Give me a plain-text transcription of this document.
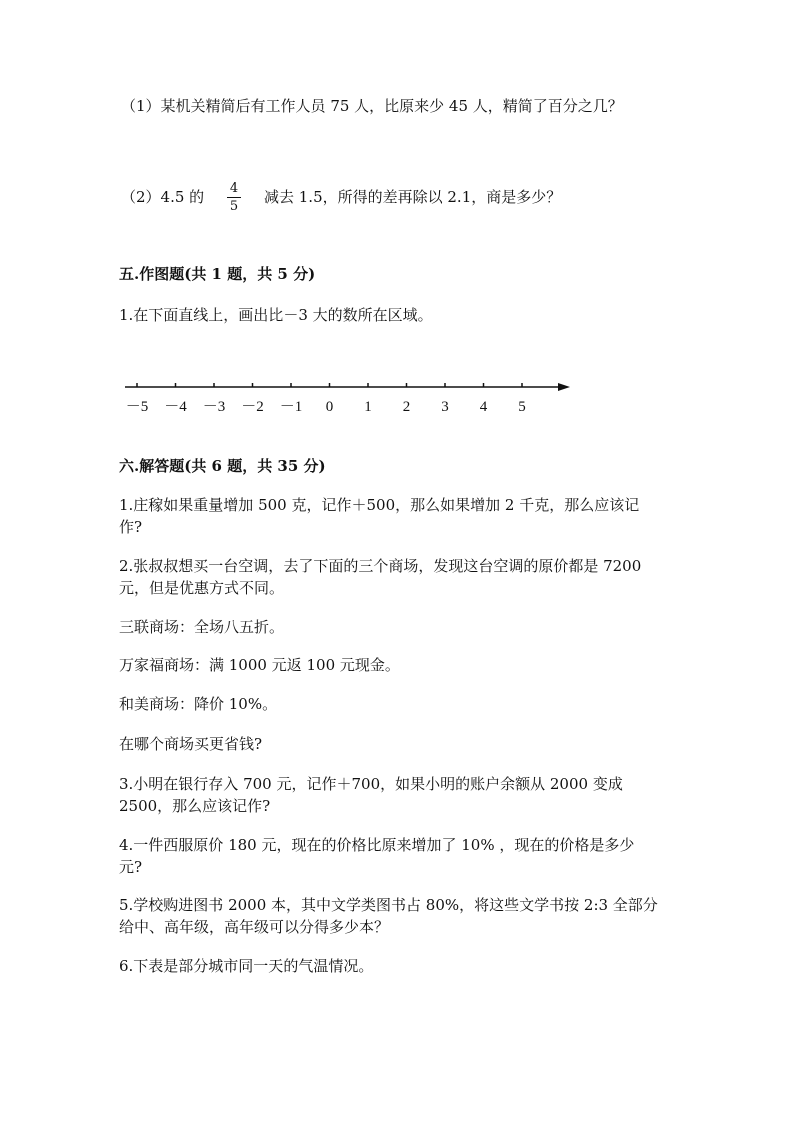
（1）某机关精简后有工作人员 75 人，比原来少 45 人，精简了百分之几？
（2）4.5 的 4
5
减去 1.5，所得的差再除以 2.1，商是多少？
五.作图题(共 1 题，共 5 分)
1.在下面直线上，画出比－3 大的数所在区域。
－5 －4 －3 －2 －1 0 1 2 3 4 5
六.解答题(共 6 题，共 35 分)
1.庄稼如果重量增加 500 克，记作＋500，那么如果增加 2 千克，那么应该记
作?
2.张叔叔想买一台空调，去了下面的三个商场，发现这台空调的原价都是 7200
元，但是优惠方式不同。
三联商场：全场八五折。
万家福商场：满 1000 元返 100 元现金。
和美商场：降价 10%。
在哪个商场买更省钱?
3.小明在银行存入 700 元，记作＋700，如果小明的账户余额从 2000 变成
2500，那么应该记作?
4.一件西服原价 180 元，现在的价格比原来增加了 10% ，现在的价格是多少
元?
5.学校购进图书 2000 本，其中文学类图书占 80%，将这些文学书按 2:3 全部分
给中、高年级，高年级可以分得多少本？
6.下表是部分城市同一天的气温情况。
